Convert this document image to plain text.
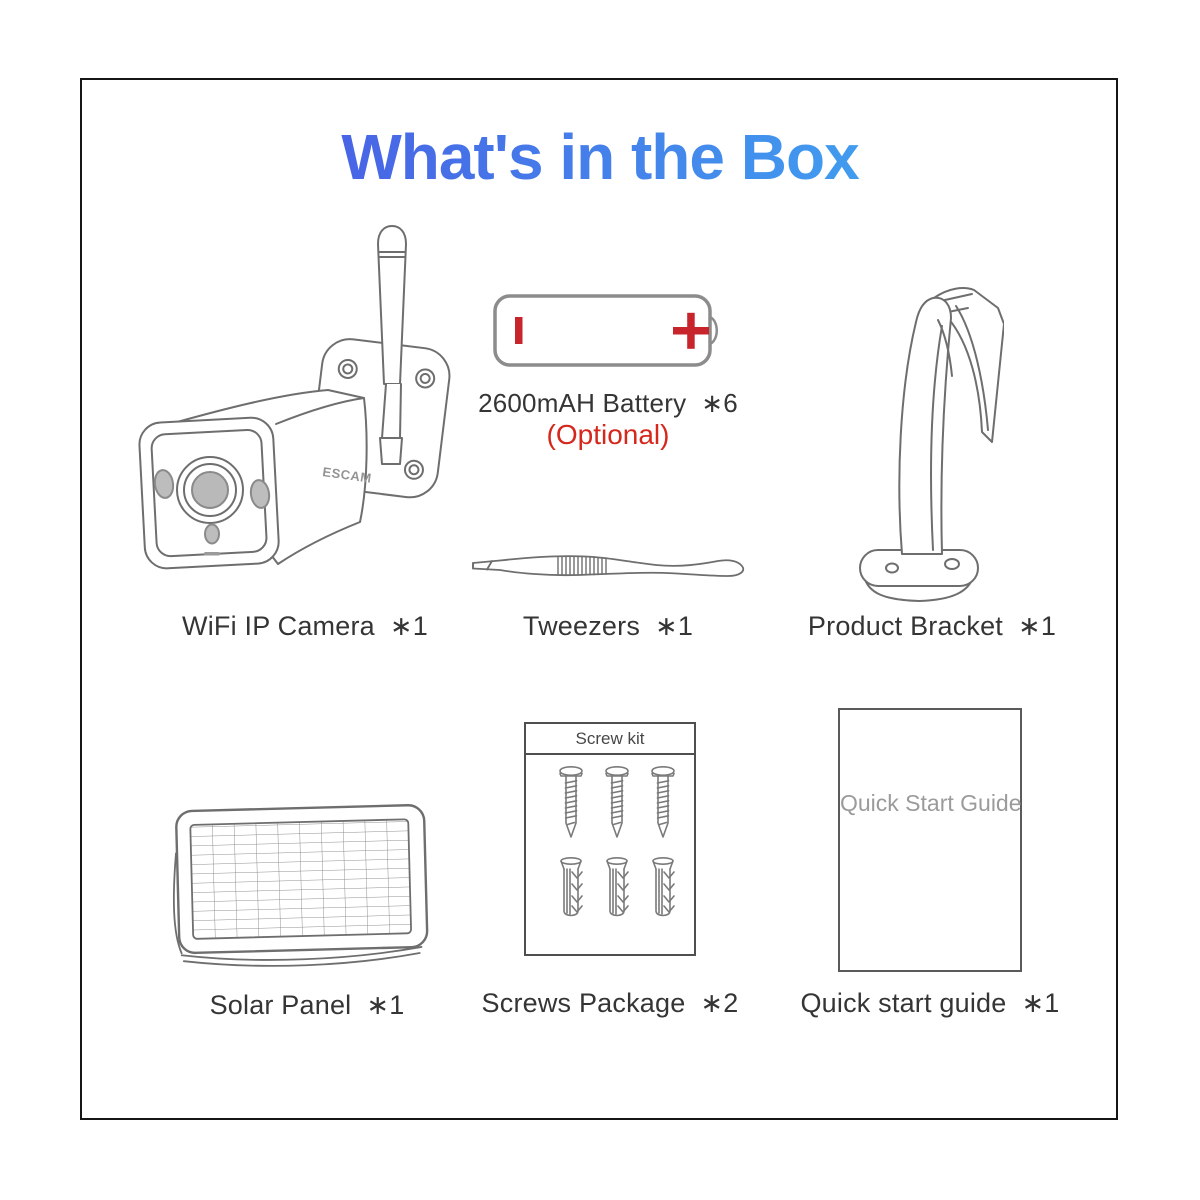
What's in the Box
ESCAM
Screw kit
Quick Start Guide
WiFi IP Camera ∗1
2600mAH Battery ∗6
(Optional)
Tweezers ∗1	Product Bracket ∗1
Solar Panel ∗1	Screws Package ∗2	Quick start guide ∗1
